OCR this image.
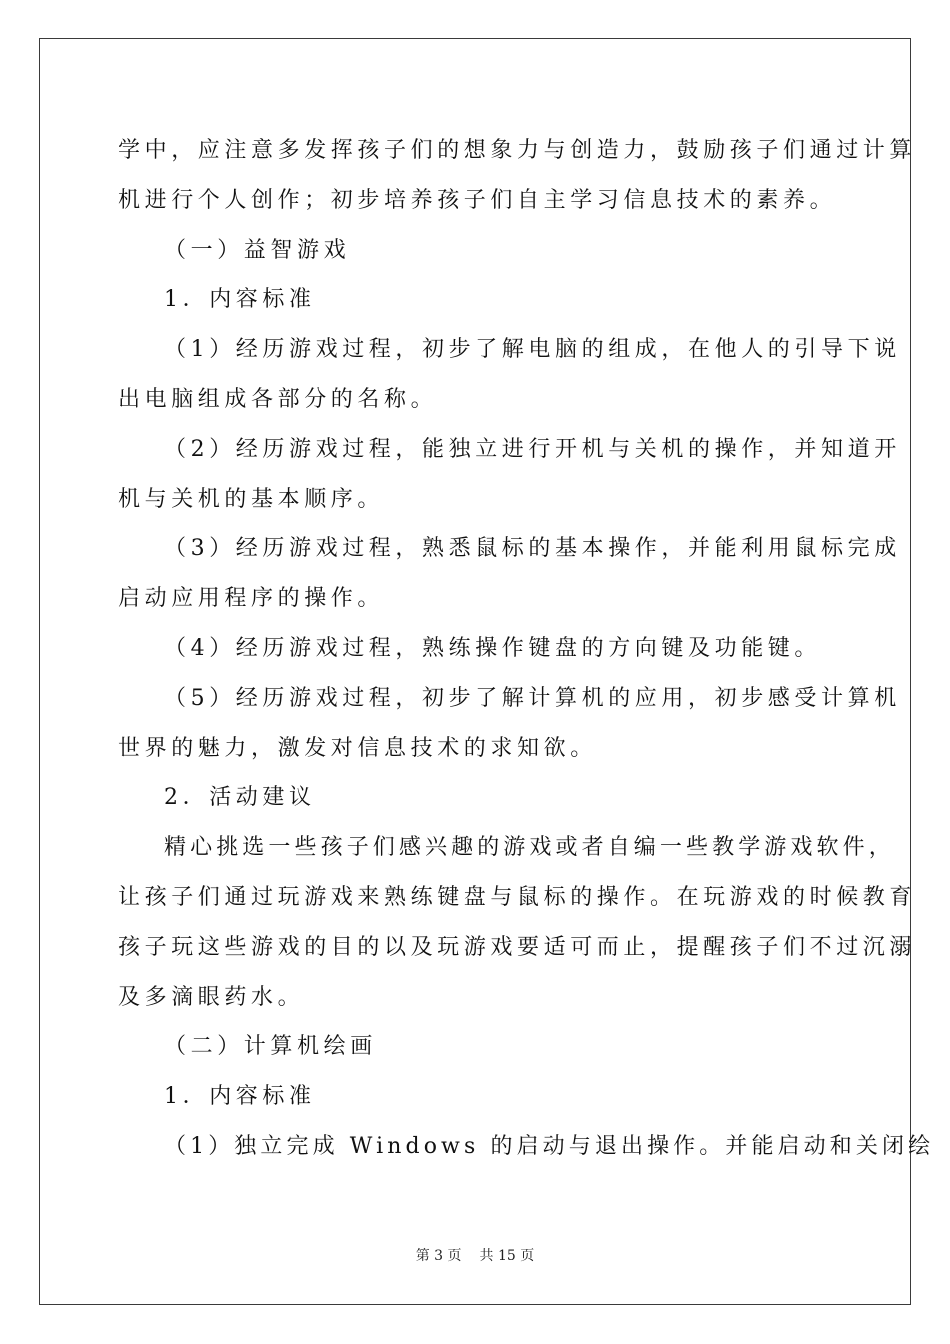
学中，应注意多发挥孩子们的想象力与创造力，鼓励孩子们通过计算
机进行个人创作；初步培养孩子们自主学习信息技术的素养。
（一）益智游戏
1．内容标准
（1）经历游戏过程，初步了解电脑的组成，在他人的引导下说
出电脑组成各部分的名称。
（2）经历游戏过程，能独立进行开机与关机的操作，并知道开
机与关机的基本顺序。
（3）经历游戏过程，熟悉鼠标的基本操作，并能利用鼠标完成
启动应用程序的操作。
（4）经历游戏过程，熟练操作键盘的方向键及功能键。
（5）经历游戏过程，初步了解计算机的应用，初步感受计算机
世界的魅力，激发对信息技术的求知欲。
2．活动建议
精心挑选一些孩子们感兴趣的游戏或者自编一些教学游戏软件，
让孩子们通过玩游戏来熟练键盘与鼠标的操作。在玩游戏的时候教育
孩子玩这些游戏的目的以及玩游戏要适可而止，提醒孩子们不过沉溺
及多滴眼药水。
（二）计算机绘画
1．内容标准
（1）独立完成 Windows 的启动与退出操作。并能启动和关闭绘
第 3 页 共 15 页
